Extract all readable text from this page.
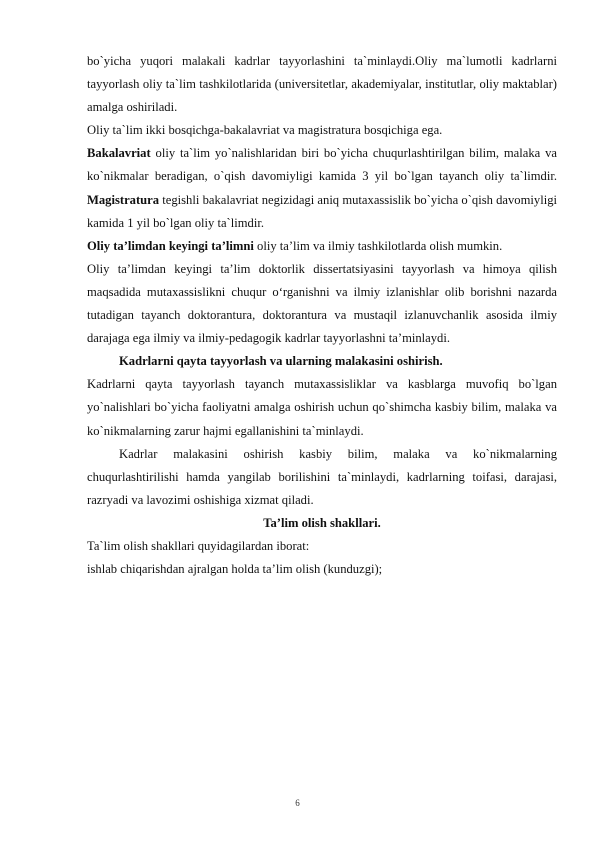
bo`yicha yuqori malakali kadrlar tayyorlashini ta`minlaydi.Oliy ma`lumotli kadrlarni tayyorlash oliy ta`lim tashkilotlarida (universitetlar, akademiyalar, institutlar, oliy maktablar) amalga oshiriladi.

Oliy ta`lim ikki bosqichga-bakalavriat va magistratura bosqichiga ega.

Bakalavriat oliy ta`lim yo`nalishlaridan biri bo`yicha chuqurlashtirilgan bilim, malaka va ko`nikmalar beradigan, o`qish davomiyligi kamida 3 yil bo`lgan tayanch oliy ta`limdir. Magistratura tegishli bakalavriat negizidagi aniq mutaxassislik bo`yicha o`qish davomiyligi kamida 1 yil bo`lgan oliy ta`limdir.

Oliy ta’limdan keyingi ta’limni oliy ta’lim va ilmiy tashkilotlarda olish mumkin.

Oliy ta’limdan keyingi ta’lim doktorlik dissertatsiyasini tayyorlash va himoya qilish maqsadida mutaxassislikni chuqur o‘rganishni va ilmiy izlanishlar olib borishni nazarda tutadigan tayanch doktorantura, doktorantura va mustaqil izlanuvchanlik asosida ilmiy darajaga ega ilmiy va ilmiy-pedagogik kadrlar tayyorlashni ta’minlaydi.

Kadrlarni qayta tayyorlash va ularning malakasini oshirish.

Kadrlarni qayta tayyorlash tayanch mutaxassisliklar va kasblarga muvofiq bo`lgan yo`nalishlari bo`yicha faoliyatni amalga oshirish uchun qo`shimcha kasbiy bilim, malaka va ko`nikmalarning zarur hajmi egallanishini ta`minlaydi.

Kadrlar malakasini oshirish kasbiy bilim, malaka va ko`nikmalarning chuqurlashtirilishi hamda yangilab borilishini ta`minlaydi, kadrlarning toifasi, darajasi, razryadi va lavozimi oshishiga xizmat qiladi.

Ta’lim olish shakllari.

Ta`lim olish shakllari quyidagilardan iborat:

ishlab chiqarishdan ajralgan holda ta’lim olish (kunduzgi);

6
